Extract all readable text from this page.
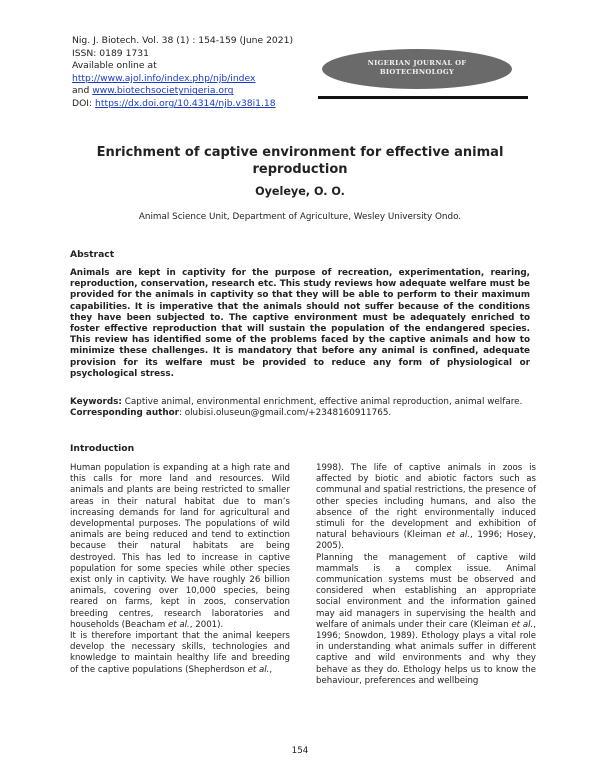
Nig. J. Biotech. Vol. 38 (1) : 154-159 (June 2021)
ISSN: 0189 1731
Available online at
http://www.ajol.info/index.php/njb/index
and www.biotechsocietynigeria.org
DOI: https://dx.doi.org/10.4314/njb.v38i1.18
NIGERIAN JOURNAL OF
BIOTECHNOLOGY
Enrichment of captive environment for effective animal reproduction
Oyeleye, O. O.
Animal Science Unit, Department of Agriculture, Wesley University Ondo.
Abstract
Animals are kept in captivity for the purpose of recreation, experimentation, rearing, reproduction, conservation, research etc. This study reviews how adequate welfare must be provided for the animals in captivity so that they will be able to perform to their maximum capabilities. It is imperative that the animals should not suffer because of the conditions they have been subjected to. The captive environment must be adequately enriched to foster effective reproduction that will sustain the population of the endangered species. This review has identified some of the problems faced by the captive animals and how to minimize these challenges. It is mandatory that before any animal is confined, adequate provision for its welfare must be provided to reduce any form of physiological or psychological stress.
Keywords: Captive animal, environmental enrichment, effective animal reproduction, animal welfare.
Corresponding author: olubisi.oluseun@gmail.com/+2348160911765.
Introduction

Human population is expanding at a high rate and this calls for more land and resources. Wild animals and plants are being restricted to smaller areas in their natural habitat due to man’s increasing demands for land for agricultural and developmental purposes. The populations of wild animals are being reduced and tend to extinction because their natural habitats are being destroyed. This has led to increase in captive population for some species while other species exist only in captivity. We have roughly 26 billion animals, covering over 10,000 species, being reared on farms, kept in zoos, conservation breeding centres, research laboratories and households (Beacham et al., 2001).

It is therefore important that the animal keepers develop the necessary skills, technologies and knowledge to maintain healthy life and breeding of the captive populations (Shepherdson et al.,

1998). The life of captive animals in zoos is affected by biotic and abiotic factors such as communal and spatial restrictions, the presence of other species including humans, and also the absence of the right environmentally induced stimuli for the development and exhibition of natural behaviours (Kleiman et al., 1996; Hosey, 2005).

Planning the management of captive wild mammals is a complex issue. Animal communication systems must be observed and considered when establishing an appropriate social environment and the information gained may aid managers in supervising the health and welfare of animals under their care (Kleiman et al., 1996; Snowdon, 1989). Ethology plays a vital role in understanding what animals suffer in different captive and wild environments and why they behave as they do. Ethology helps us to know the behaviour, preferences and wellbeing

154
